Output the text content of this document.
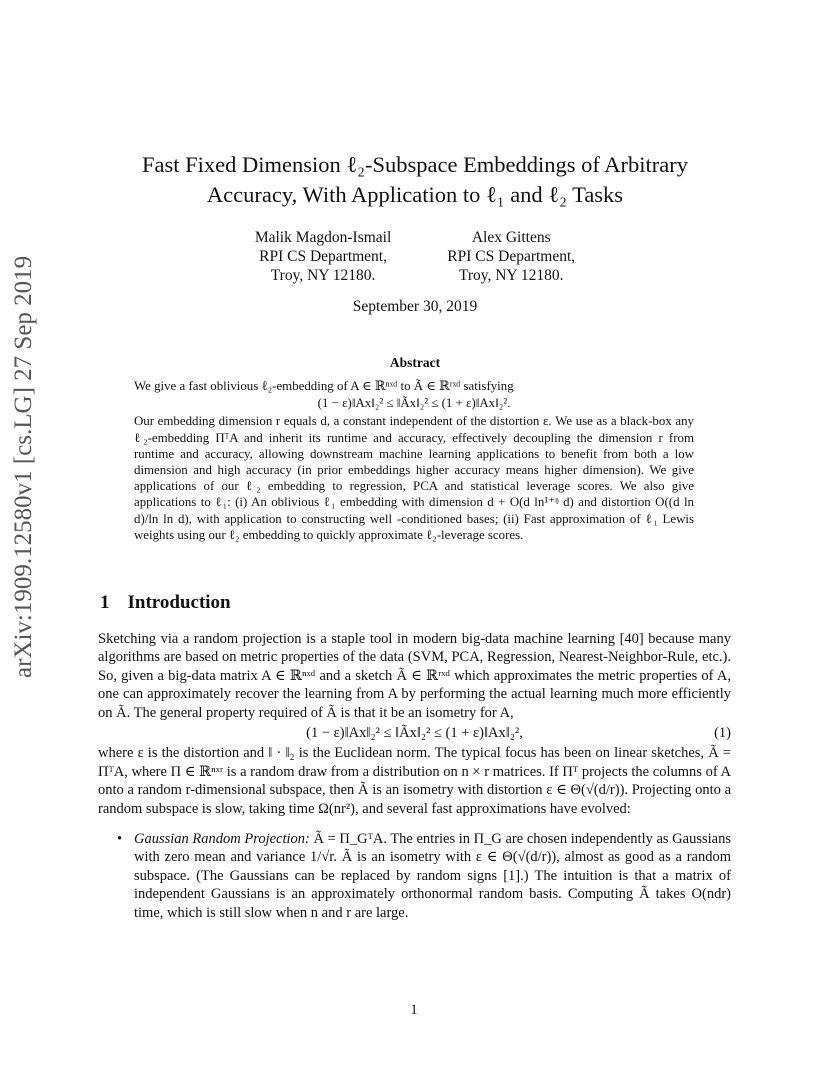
arXiv:1909.12580v1 [cs.LG] 27 Sep 2019
Fast Fixed Dimension ℓ₂-Subspace Embeddings of Arbitrary
Accuracy, With Application to ℓ₁ and ℓ₂ Tasks
Malik Magdon-Ismail
RPI CS Department,
Troy, NY 12180.
Alex Gittens
RPI CS Department,
Troy, NY 12180.
September 30, 2019
Abstract

We give a fast oblivious ℓ₂-embedding of A ∈ ℝⁿˣᵈ to Ã ∈ ℝʳˣᵈ satisfying

(1 − ε)‖Ax‖₂² ≤ ‖Ãx‖₂² ≤ (1 + ε)‖Ax‖₂².

Our embedding dimension r equals d, a constant independent of the distortion ε. We use as a black-box any ℓ₂-embedding ΠᵀA and inherit its runtime and accuracy, effectively decoupling the dimension r from runtime and accuracy, allowing downstream machine learning applications to benefit from both a low dimension and high accuracy (in prior embeddings higher accuracy means higher dimension). We give applications of our ℓ₂ embedding to regression, PCA and statistical leverage scores. We also give applications to ℓ₁: (i) An oblivious ℓ₁ embedding with dimension d + O(d ln¹⁺ᵑ d) and distortion O((d ln d)/ln ln d), with application to constructing well -conditioned bases; (ii) Fast approximation of ℓ₁ Lewis weights using our ℓ₂ embedding to quickly approximate ℓ₂-leverage scores.

1 Introduction

Sketching via a random projection is a staple tool in modern big-data machine learning [40] because many algorithms are based on metric properties of the data (SVM, PCA, Regression, Nearest-Neighbor-Rule, etc.). So, given a big-data matrix A ∈ ℝⁿˣᵈ and a sketch Ã ∈ ℝʳˣᵈ which approximates the metric properties of A, one can approximately recover the learning from A by performing the actual learning much more efficiently on Ã. The general property required of Ã is that it be an isometry for A,

(1 − ε)‖Ax‖₂² ≤ ‖Ãx‖₂² ≤ (1 + ε)‖Ax‖₂²,	(1)

where ε is the distortion and ‖ · ‖₂ is the Euclidean norm. The typical focus has been on linear sketches, Ã = ΠᵀA, where Π ∈ ℝⁿˣʳ is a random draw from a distribution on n × r matrices. If Πᵀ projects the columns of A onto a random r-dimensional subspace, then Ã is an isometry with distortion ε ∈ Θ(√(d/r)). Projecting onto a random subspace is slow, taking time Ω(nr²), and several fast approximations have evolved:

• Gaussian Random Projection: Ã = Π_GᵀA. The entries in Π_G are chosen independently as Gaussians with zero mean and variance 1/√r. Ã is an isometry with ε ∈ Θ(√(d/r)), almost as good as a random subspace. (The Gaussians can be replaced by random signs [1].) The intuition is that a matrix of independent Gaussians is an approximately orthonormal random basis. Computing Ã takes O(ndr) time, which is still slow when n and r are large.
1
